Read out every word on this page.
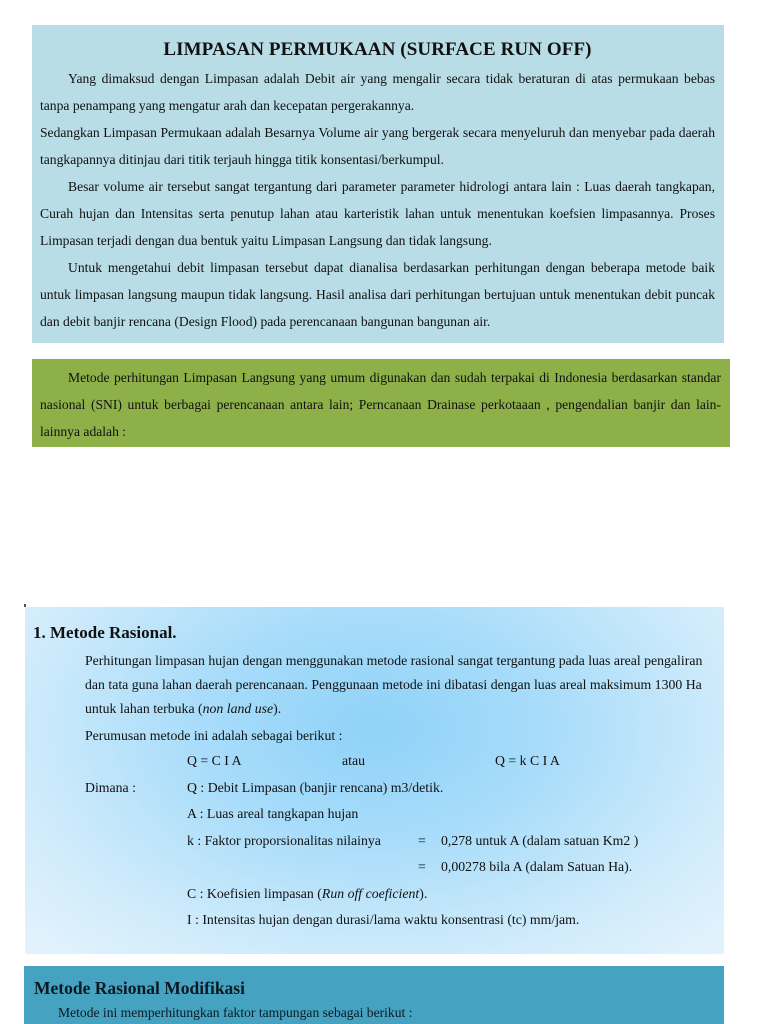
LIMPASAN PERMUKAAN (SURFACE RUN OFF)

Yang dimaksud dengan Limpasan adalah Debit air yang mengalir secara tidak beraturan di atas permukaan bebas tanpa penampang yang mengatur arah dan kecepatan pergerakannya.

Sedangkan Limpasan Permukaan adalah Besarnya Volume air yang bergerak secara menyeluruh dan menyebar pada daerah tangkapannya ditinjau dari titik terjauh hingga titik konsentasi/berkumpul.

Besar volume air tersebut sangat tergantung dari parameter parameter hidrologi antara lain : Luas daerah tangkapan, Curah hujan dan Intensitas serta penutup lahan atau karteristik lahan untuk menentukan koefsien limpasannya. Proses Limpasan terjadi dengan dua bentuk yaitu Limpasan Langsung dan tidak langsung.

Untuk mengetahui debit limpasan tersebut dapat dianalisa berdasarkan perhitungan dengan beberapa metode baik untuk limpasan langsung maupun tidak langsung. Hasil analisa dari perhitungan bertujuan untuk menentukan debit puncak dan debit banjir rencana (Design Flood) pada perencanaan bangunan bangunan air.

Metode perhitungan Limpasan Langsung yang umum digunakan dan sudah terpakai di Indonesia berdasarkan standar nasional (SNI) untuk berbagai perencanaan antara lain; Perncanaan Drainase perkotaaan , pengendalian banjir dan lain- lainnya adalah :

1. Metode Rasional.

Perhitungan limpasan hujan dengan menggunakan metode rasional sangat tergantung pada luas areal pengaliran dan tata guna lahan daerah perencanaan. Penggunaan metode ini dibatasi dengan luas areal maksimum 1300 Ha untuk lahan terbuka (non land use).

Perumusan metode ini adalah sebagai berikut :

Q = C I A	atau	Q = k C I A
Dimana :	Q : Debit Limpasan (banjir rencana) m3/detik.
A : Luas areal tangkapan hujan
k : Faktor proporsionalitas nilainya	= 0,278 untuk A (dalam satuan Km2 )
= 0,00278 bila A (dalam Satuan Ha).
C : Koefisien limpasan (Run off coeficient).
I : Intensitas hujan dengan durasi/lama waktu konsentrasi (tc) mm/jam.
Metode Rasional Modifikasi

Metode ini memperhitungkan faktor tampungan sebagai berikut :
